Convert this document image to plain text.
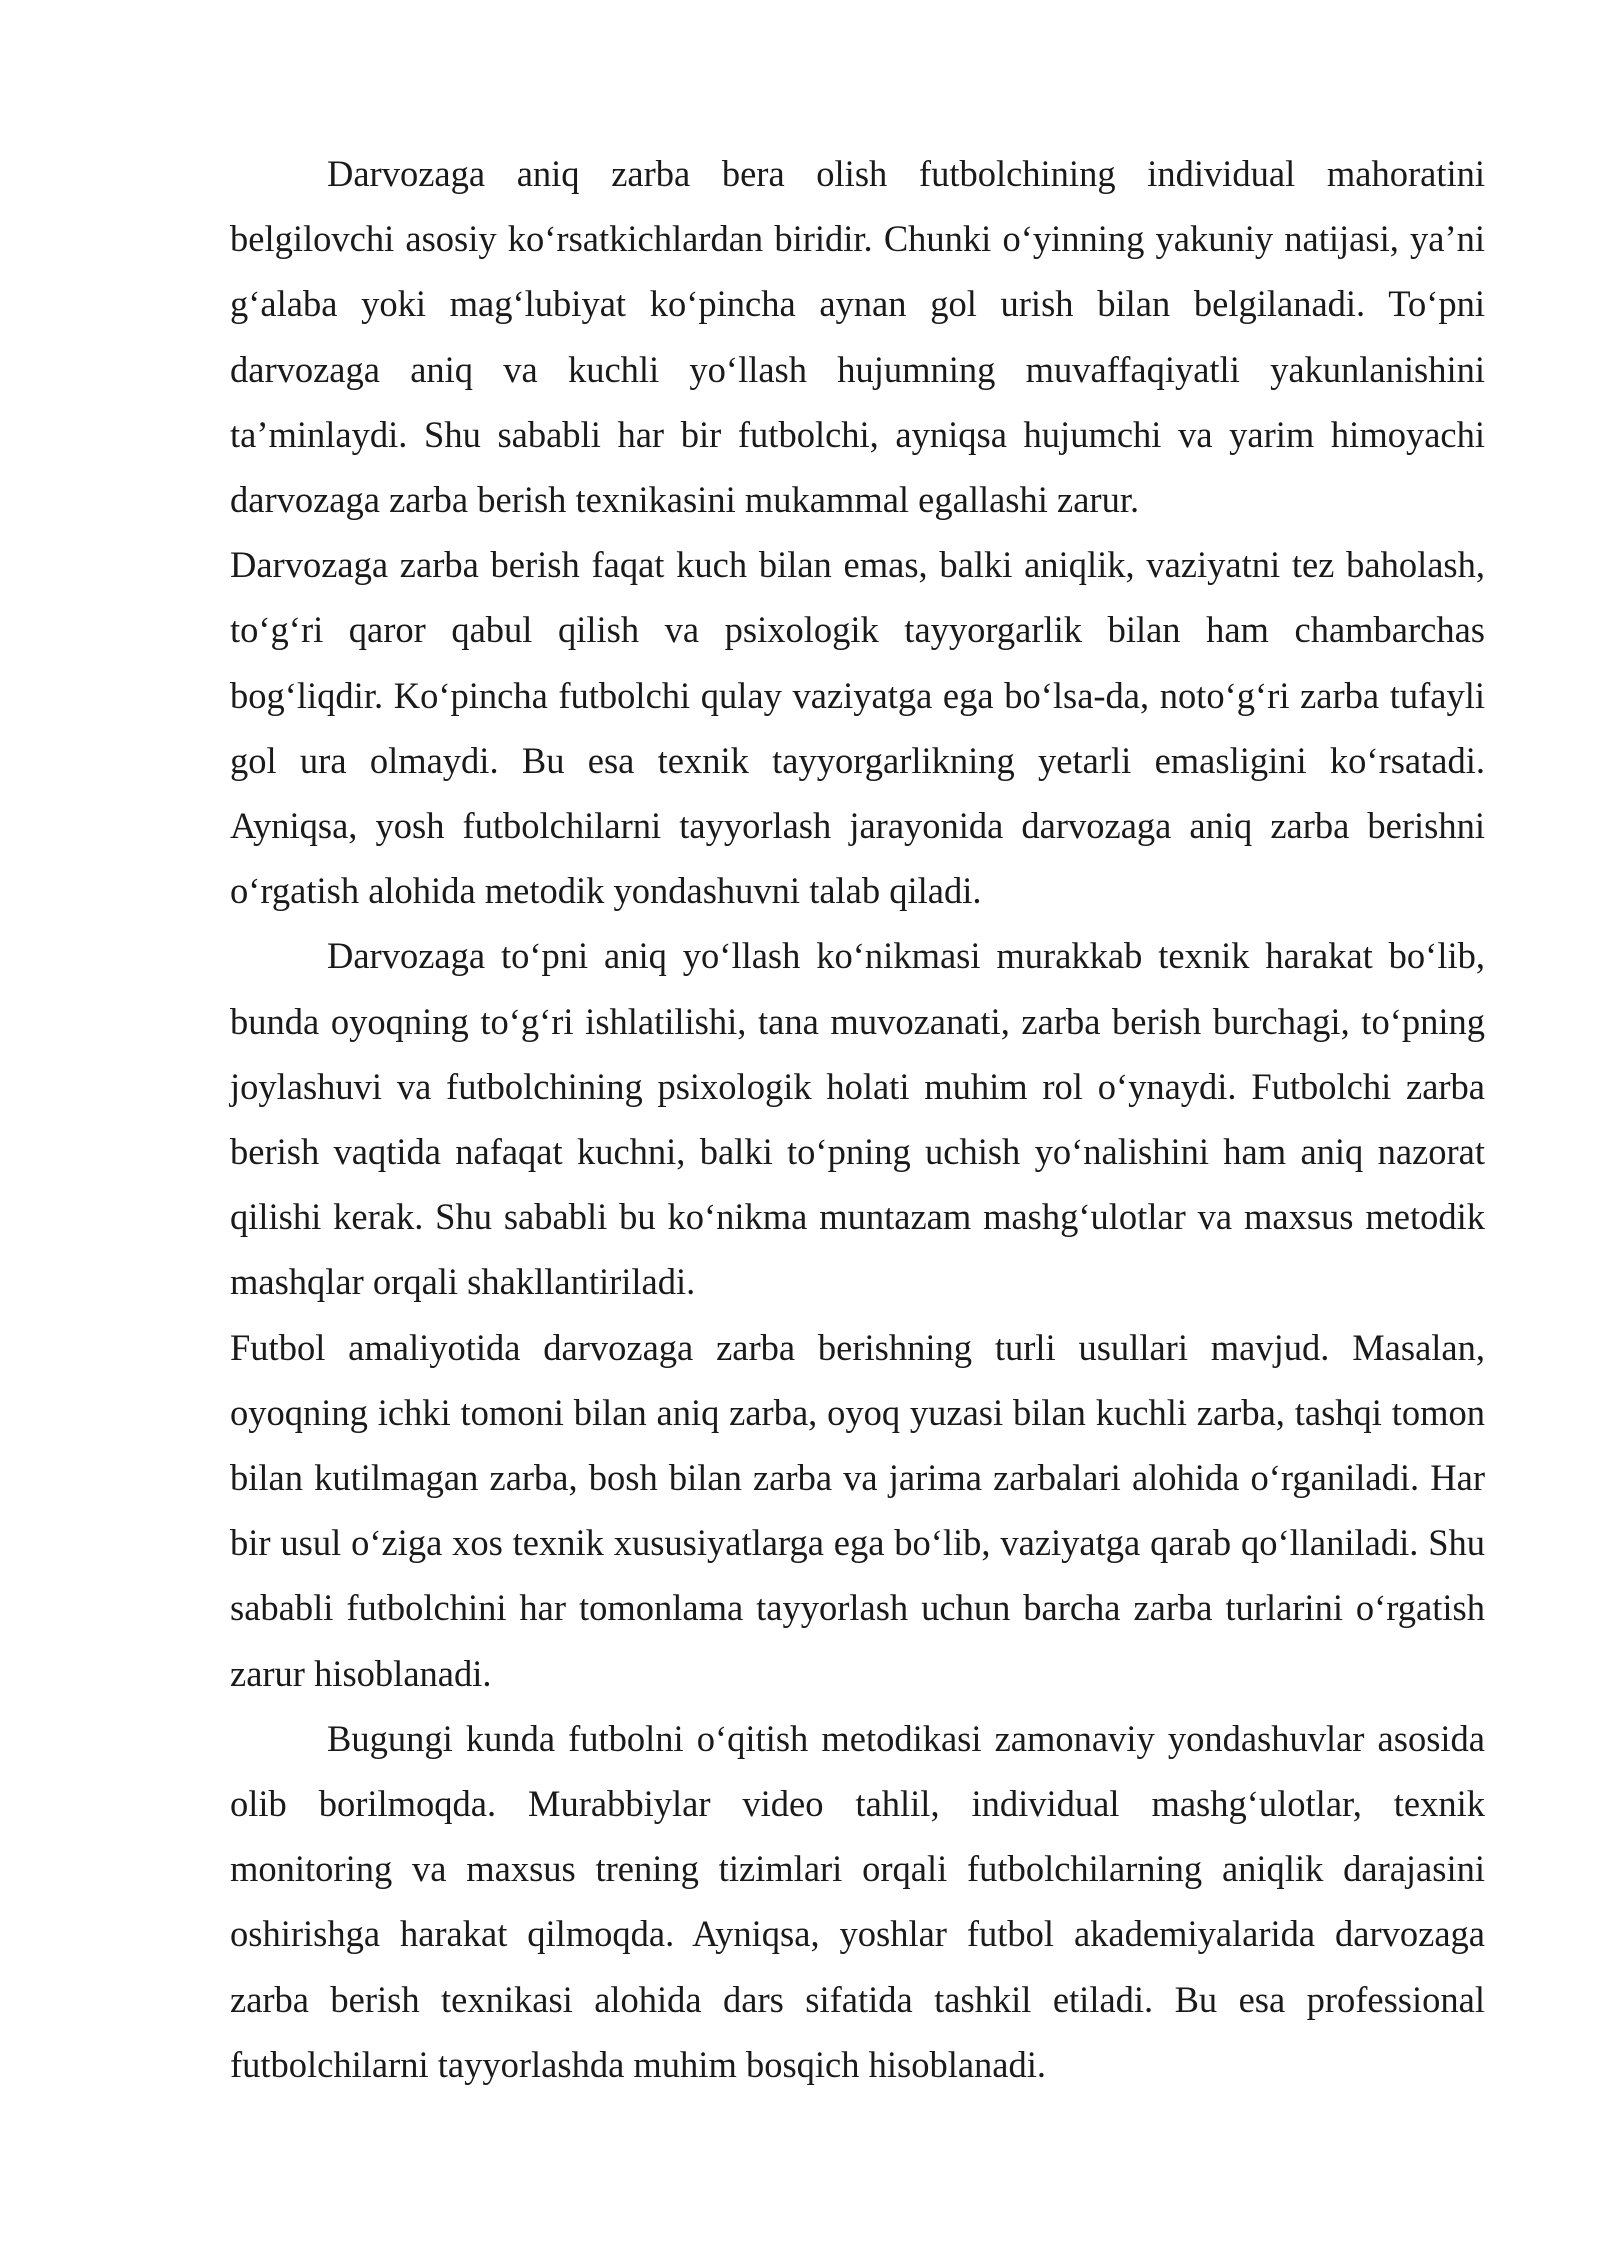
Darvozaga aniq zarba bera olish futbolchining individual mahoratini belgilovchi asosiy ko‘rsatkichlardan biridir. Chunki o‘yinning yakuniy natijasi, ya’ni g‘alaba yoki mag‘lubiyat ko‘pincha aynan gol urish bilan belgilanadi. To‘pni darvozaga aniq va kuchli yo‘llash hujumning muvaffaqiyatli yakunlanishini ta’minlaydi. Shu sababli har bir futbolchi, ayniqsa hujumchi va yarim himoyachi darvozaga zarba berish texnikasini mukammal egallashi zarur.

Darvozaga zarba berish faqat kuch bilan emas, balki aniqlik, vaziyatni tez baholash, to‘g‘ri qaror qabul qilish va psixologik tayyorgarlik bilan ham chambarchas bog‘liqdir. Ko‘pincha futbolchi qulay vaziyatga ega bo‘lsa-da, noto‘g‘ri zarba tufayli gol ura olmaydi. Bu esa texnik tayyorgarlikning yetarli emasligini ko‘rsatadi. Ayniqsa, yosh futbolchilarni tayyorlash jarayonida darvozaga aniq zarba berishni o‘rgatish alohida metodik yondashuvni talab qiladi.

Darvozaga to‘pni aniq yo‘llash ko‘nikmasi murakkab texnik harakat bo‘lib, bunda oyoqning to‘g‘ri ishlatilishi, tana muvozanati, zarba berish burchagi, to‘pning joylashuvi va futbolchining psixologik holati muhim rol o‘ynaydi. Futbolchi zarba berish vaqtida nafaqat kuchni, balki to‘pning uchish yo‘nalishini ham aniq nazorat qilishi kerak. Shu sababli bu ko‘nikma muntazam mashg‘ulotlar va maxsus metodik mashqlar orqali shakllantiriladi.

Futbol amaliyotida darvozaga zarba berishning turli usullari mavjud. Masalan, oyoqning ichki tomoni bilan aniq zarba, oyoq yuzasi bilan kuchli zarba, tashqi tomon bilan kutilmagan zarba, bosh bilan zarba va jarima zarbalari alohida o‘rganiladi. Har bir usul o‘ziga xos texnik xususiyatlarga ega bo‘lib, vaziyatga qarab qo‘llaniladi. Shu sababli futbolchini har tomonlama tayyorlash uchun barcha zarba turlarini o‘rgatish zarur hisoblanadi.

Bugungi kunda futbolni o‘qitish metodikasi zamonaviy yondashuvlar asosida olib borilmoqda. Murabbiylar video tahlil, individual mashg‘ulotlar, texnik monitoring va maxsus trening tizimlari orqali futbolchilarning aniqlik darajasini oshirishga harakat qilmoqda. Ayniqsa, yoshlar futbol akademiyalarida darvozaga zarba berish texnikasi alohida dars sifatida tashkil etiladi. Bu esa professional futbolchilarni tayyorlashda muhim bosqich hisoblanadi.
